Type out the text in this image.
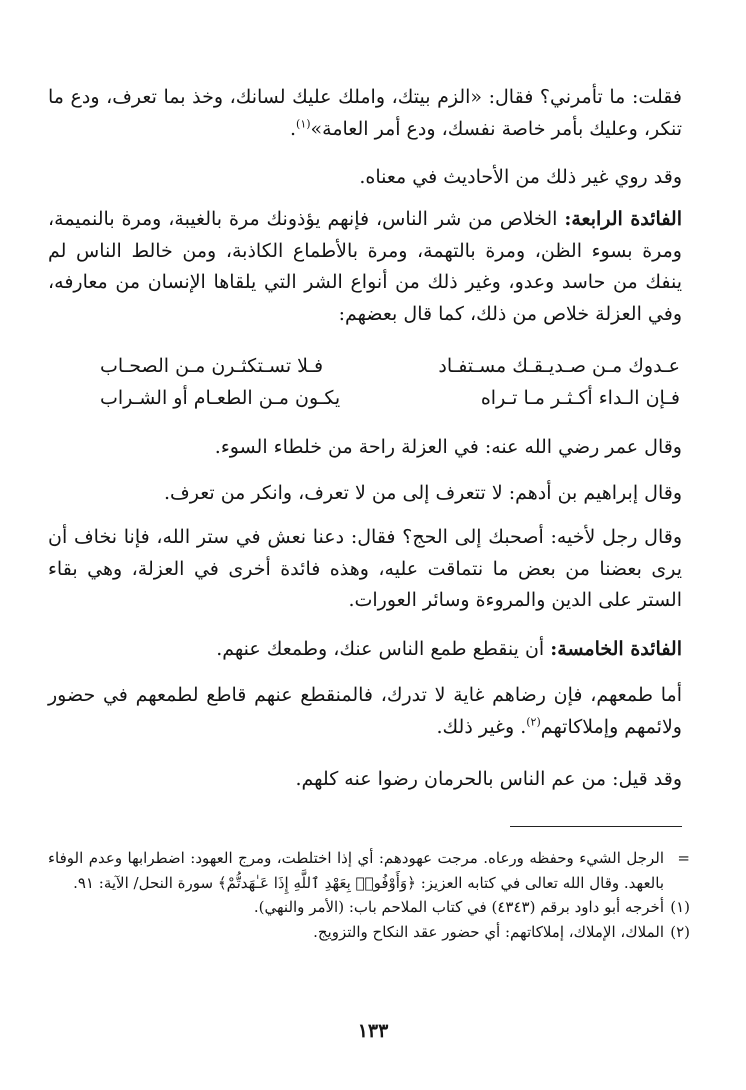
فقلت: ما تأمرني؟ فقال: «الزم بيتك، واملك عليك لسانك، وخذ بما تعرف، ودع ما تنكر، وعليك بأمر خاصة نفسك، ودع أمر العامة»$^{(١)}$.

وقد روي غير ذلك من الأحاديث في معناه.

الفائدة الرابعة: الخلاص من شر الناس، فإنهم يؤذونك مرة بالغيبة، ومرة بالنميمة، ومرة بسوء الظن، ومرة بالتهمة، ومرة بالأطماع الكاذبة، ومن خالط الناس لم ينفك من حاسد وعدو، وغير ذلك من أنواع الشر التي يلقاها الإنسان من معارفه، وفي العزلة خلاص من ذلك، كما قال بعضهم:

عـدوك مـن صـديـقـك مسـتفـاد
فـلا تسـتكثـرن مـن الصحـاب
فـإن الـداء أكـثـر مـا تـراه
يكـون مـن الطعـام أو الشـراب

وقال عمر رضي الله عنه: في العزلة راحة من خلطاء السوء.

وقال إبراهيم بن أدهم: لا تتعرف إلى من لا تعرف، وانكر من تعرف.

وقال رجل لأخيه: أصحبك إلى الحج؟ فقال: دعنا نعش في ستر الله، فإنا نخاف أن يرى بعضنا من بعض ما نتماقت عليه، وهذه فائدة أخرى في العزلة، وهي بقاء الستر على الدين والمروءة وسائر العورات.

الفائدة الخامسة: أن ينقطع طمع الناس عنك، وطمعك عنهم.

أما طمعهم، فإن رضاهم غاية لا تدرك، فالمنقطع عنهم قاطع لطمعهم في حضور ولائمهم وإملاكاتهم$^{(٢)}$. وغير ذلك.

وقد قيل: من عم الناس بالحرمان رضوا عنه كلهم.

=
الرجل الشيء وحفظه ورعاه. مرجت عهودهم: أي إذا اختلطت، ومرج العهود: اضطرابها وعدم الوفاء بالعهد. وقال الله تعالى في كتابه العزيز: ﴿وَأَوْفُوا۟ بِعَهْدِ ٱللَّهِ إِذَا عَـٰهَدتُّمْ﴾ سورة النحل/ الآية: ٩١.
(١)
أخرجه أبو داود برقم (٤٣٤٣) في كتاب الملاحم باب: (الأمر والنهي).
(٢)
الملاك، الإملاك، إملاكاتهم: أي حضور عقد النكاح والتزويج.
١٣٣
